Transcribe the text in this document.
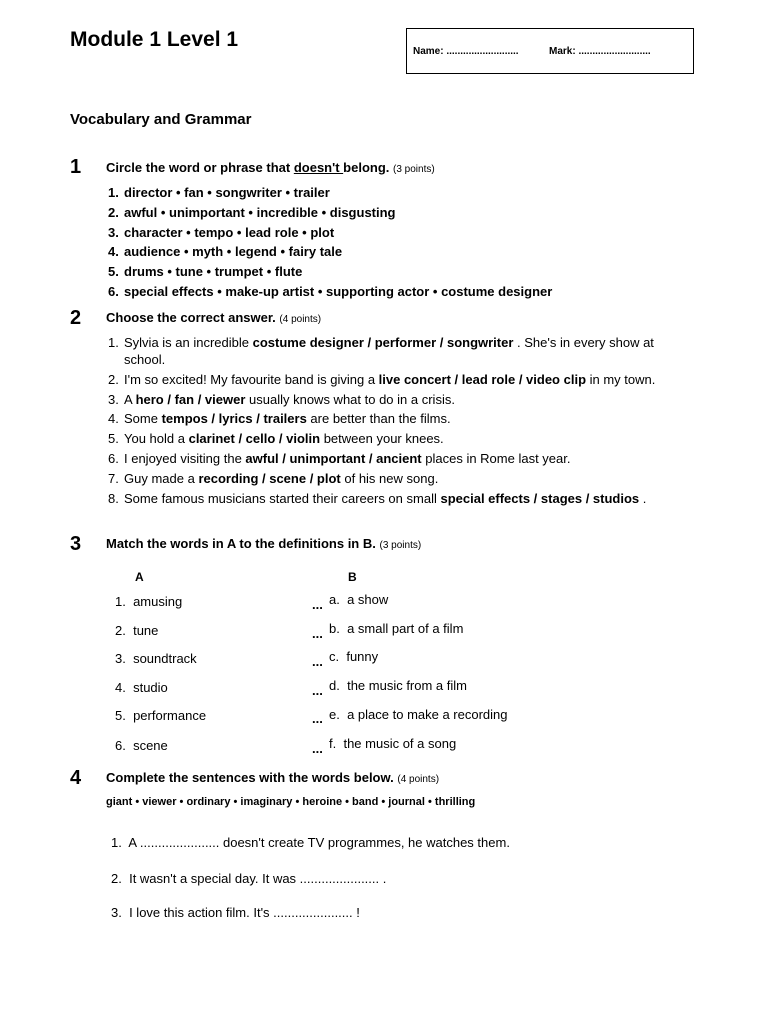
Module 1 Level 1
Name: ..........................	Mark: ..........................
Vocabulary and Grammar
1 Circle the word or phrase that doesn't belong. (3 points)
1. director • fan • songwriter • trailer
2. awful • unimportant • incredible • disgusting
3. character • tempo • lead role • plot
4. audience • myth • legend • fairy tale
5. drums • tune • trumpet • flute
6. special effects • make-up artist • supporting actor • costume designer
2 Choose the correct answer. (4 points)
1. Sylvia is an incredible costume designer / performer / songwriter . She's in every show at school.
2. I'm so excited! My favourite band is giving a live concert / lead role / video clip in my town.
3. A hero / fan / viewer usually knows what to do in a crisis.
4. Some tempos / lyrics / trailers are better than the films.
5. You hold a clarinet / cello / violin between your knees.
6. I enjoyed visiting the awful / unimportant / ancient places in Rome last year.
7. Guy made a recording / scene / plot of his new song.
8. Some famous musicians started their careers on small special effects / stages / studios .
3 Match the words in A to the definitions in B. (3 points)
A	B
1.  amusing
2.  tune
3.  soundtrack
4.  studio
5.  performance
6.  scene
...
...
...
...
...
...
a.  a show
b.  a small part of a film
c.  funny
d.  the music from a film
e.  a place to make a recording
f.  the music of a song
4 Complete the sentences with the words below. (4 points)
giant • viewer • ordinary • imaginary • heroine • band • journal • thrilling
1.  A ...................... doesn't create TV programmes, he watches them.
2.  It wasn't a special day. It was ...................... .
3.  I love this action film. It's ...................... !
